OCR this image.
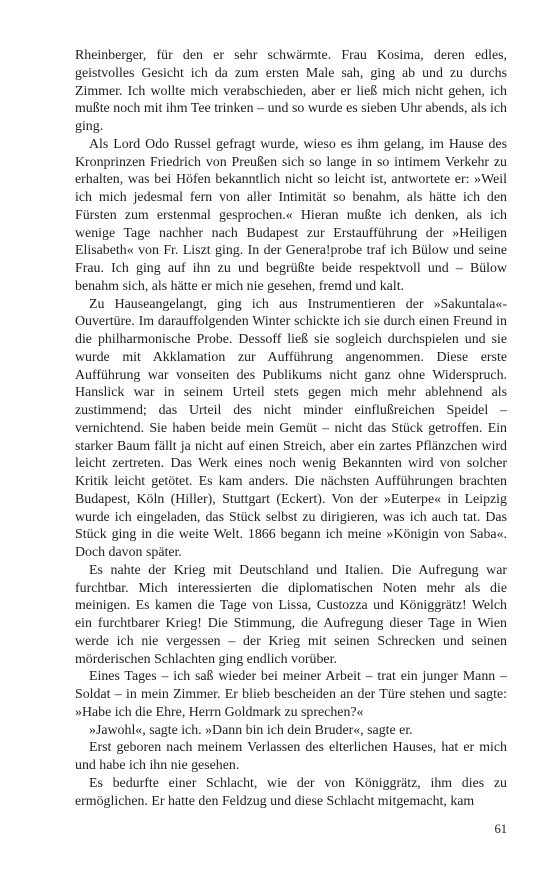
Rheinberger, für den er sehr schwärmte. Frau Kosima, deren edles, geistvolles Gesicht ich da zum ersten Male sah, ging ab und zu durchs Zimmer. Ich wollte mich verabschieden, aber er ließ mich nicht gehen, ich mußte noch mit ihm Tee trinken – und so wurde es sieben Uhr abends, als ich ging.

Als Lord Odo Russel gefragt wurde, wieso es ihm gelang, im Hause des Kronprinzen Friedrich von Preußen sich so lange in so intimem Verkehr zu erhalten, was bei Höfen bekanntlich nicht so leicht ist, antwortete er: »Weil ich mich jedesmal fern von aller Intimität so benahm, als hätte ich den Fürsten zum erstenmal gesprochen.« Hieran mußte ich denken, als ich wenige Tage nachher nach Budapest zur Erstaufführung der »Heiligen Elisabeth« von Fr. Liszt ging. In der Genera!probe traf ich Bülow und seine Frau. Ich ging auf ihn zu und begrüßte beide respektvoll und – Bülow benahm sich, als hätte er mich nie gesehen, fremd und kalt.

Zu Hauseangelangt, ging ich aus Instrumentieren der »Sakuntala«-Ouvertüre. Im darauffolgenden Winter schickte ich sie durch einen Freund in die philharmonische Probe. Dessoff ließ sie sogleich durchspielen und sie wurde mit Akklamation zur Aufführung angenommen. Diese erste Aufführung war vonseiten des Publikums nicht ganz ohne Widerspruch. Hanslick war in seinem Urteil stets gegen mich mehr ablehnend als zustimmend; das Urteil des nicht minder einflußreichen Speidel – vernichtend. Sie haben beide mein Gemüt – nicht das Stück getroffen. Ein starker Baum fällt ja nicht auf einen Streich, aber ein zartes Pflänzchen wird leicht zertreten. Das Werk eines noch wenig Bekannten wird von solcher Kritik leicht getötet. Es kam anders. Die nächsten Aufführungen brachten Budapest, Köln (Hiller), Stuttgart (Eckert). Von der »Euterpe« in Leipzig wurde ich eingeladen, das Stück selbst zu dirigieren, was ich auch tat. Das Stück ging in die weite Welt. 1866 begann ich meine »Königin von Saba«. Doch davon später.

Es nahte der Krieg mit Deutschland und Italien. Die Aufregung war furchtbar. Mich interessierten die diplomatischen Noten mehr als die meinigen. Es kamen die Tage von Lissa, Custozza und Königgrätz! Welch ein furchtbarer Krieg! Die Stimmung, die Aufregung dieser Tage in Wien werde ich nie vergessen – der Krieg mit seinen Schrecken und seinen mörderischen Schlachten ging endlich vorüber.

Eines Tages – ich saß wieder bei meiner Arbeit – trat ein junger Mann – Soldat – in mein Zimmer. Er blieb bescheiden an der Türe stehen und sagte: »Habe ich die Ehre, Herrn Goldmark zu sprechen?«

»Jawohl«, sagte ich. »Dann bin ich dein Bruder«, sagte er.

Erst geboren nach meinem Verlassen des elterlichen Hauses, hat er mich und habe ich ihn nie gesehen.

Es bedurfte einer Schlacht, wie der von Königgrätz, ihm dies zu ermöglichen. Er hatte den Feldzug und diese Schlacht mitgemacht, kam

61
